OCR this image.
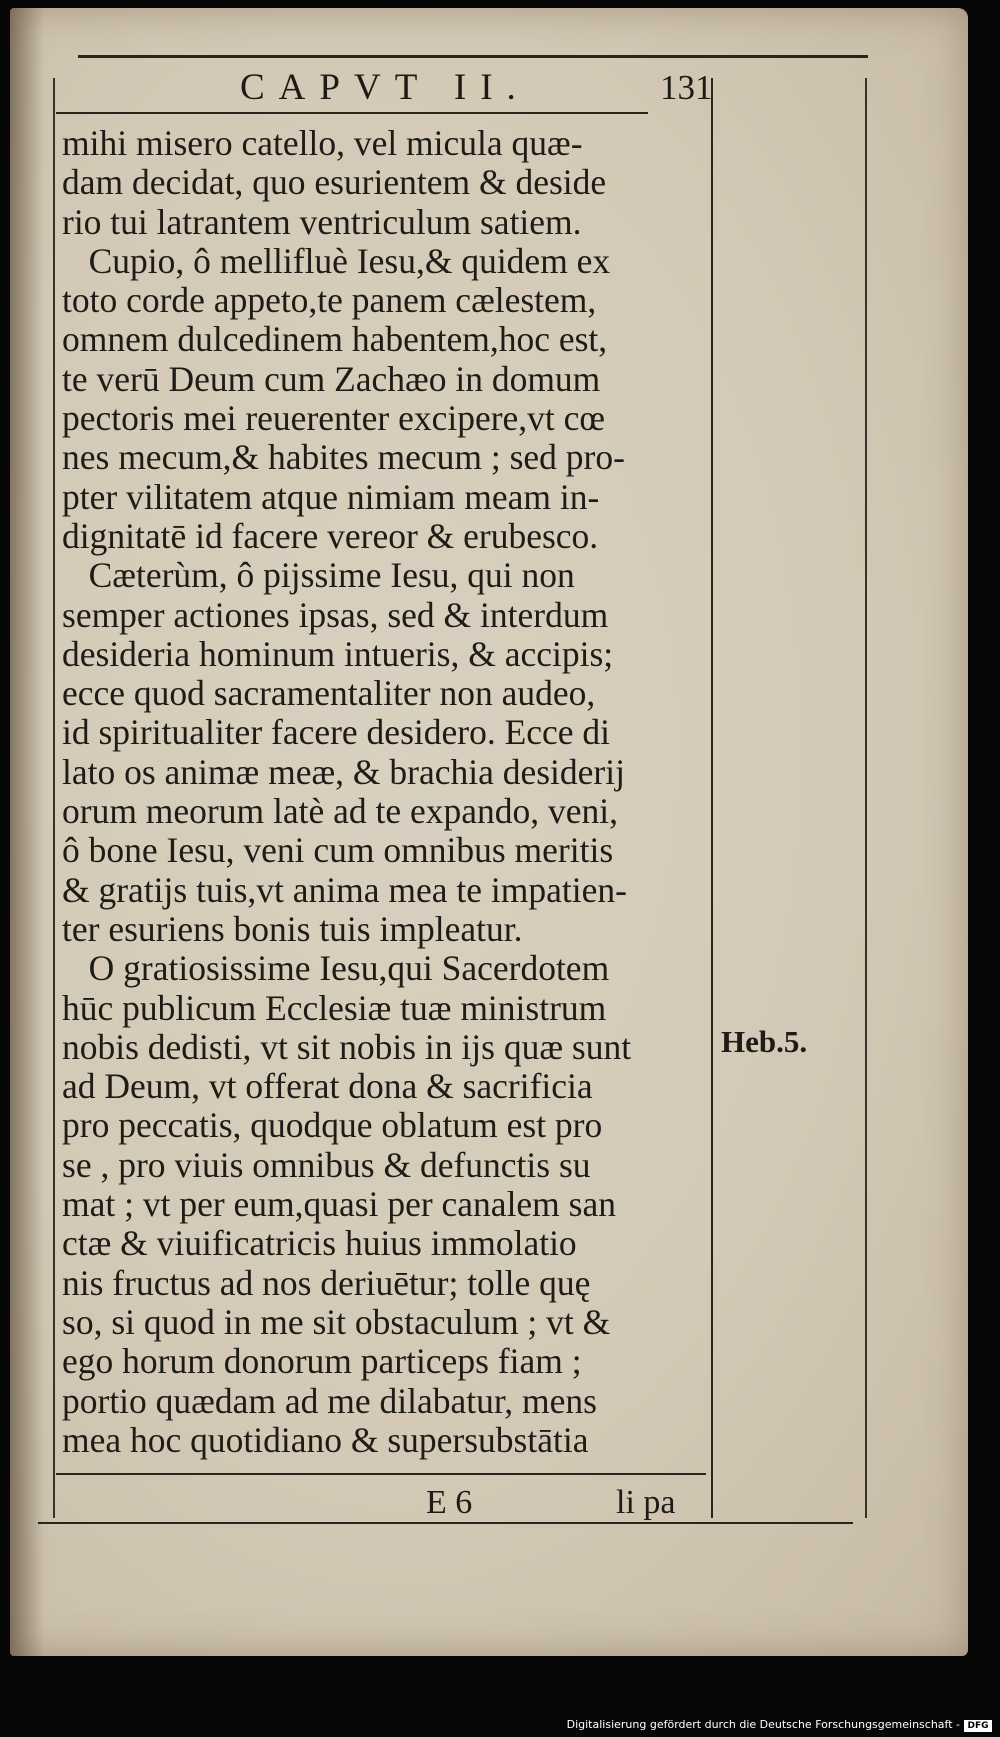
CAPVT II.	131
mihi misero catello, vel micula quæ-
dam decidat, quo esurientem & deside
rio tui latrantem ventriculum satiem.
Cupio, ô mellifluè Iesu,& quidem ex
toto corde appeto,te panem cælestem,
omnem dulcedinem habentem,hoc est,
te verū Deum cum Zachæo in domum
pectoris mei reuerenter excipere,vt cœ
nes mecum,& habites mecum ; sed pro-
pter vilitatem atque nimiam meam in-
dignitatē id facere vereor & erubesco.
Cæterùm, ô pijssime Iesu, qui non
semper actiones ipsas, sed & interdum
desideria hominum intueris, & accipis;
ecce quod sacramentaliter non audeo,
id spiritualiter facere desidero. Ecce di
lato os animæ meæ, & brachia desiderij
orum meorum latè ad te expando, veni,
ô bone Iesu, veni cum omnibus meritis
& gratijs tuis,vt anima mea te impatien-
ter esuriens bonis tuis impleatur.
O gratiosissime Iesu,qui Sacerdotem
hūc publicum Ecclesiæ tuæ ministrum
nobis dedisti, vt sit nobis in ijs quæ sunt
ad Deum, vt offerat dona & sacrificia
pro peccatis, quodque oblatum est pro
se , pro viuis omnibus & defunctis su
mat ; vt per eum,quasi per canalem san
ctæ & viuificatricis huius immolatio
nis fructus ad nos deriuētur; tolle quę
so, si quod in me sit obstaculum ; vt &
ego horum donorum particeps fiam ;
portio quædam ad me dilabatur, mens
mea hoc quotidiano & supersubstātia
Heb.5.
E 6	li pa
Digitalisierung gefördert durch die Deutsche Forschungsgemeinschaft - DFG
